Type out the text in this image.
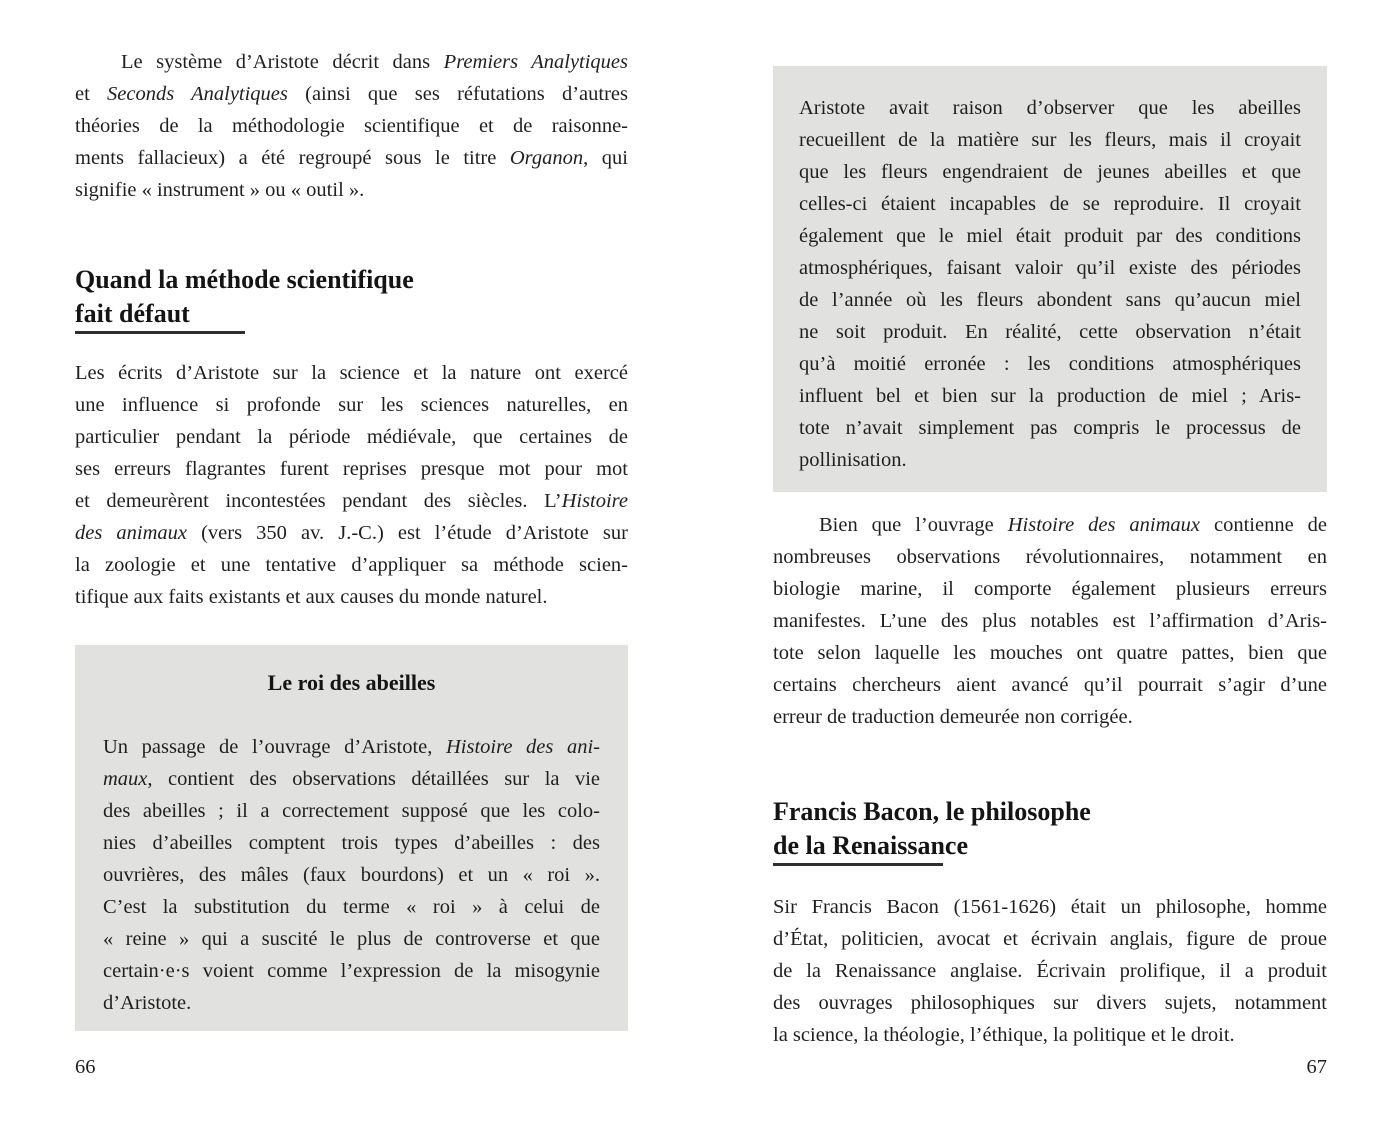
Le système d’Aristote décrit dans Premiers Analytiques
et Seconds Analytiques (ainsi que ses réfutations d’autres
théories de la méthodologie scientifique et de raisonne-
ments fallacieux) a été regroupé sous le titre Organon, qui
signifie « instrument » ou « outil ».
Quand la méthode scientifique
fait défaut
Les écrits d’Aristote sur la science et la nature ont exercé
une influence si profonde sur les sciences naturelles, en
particulier pendant la période médiévale, que certaines de
ses erreurs flagrantes furent reprises presque mot pour mot
et demeurèrent incontestées pendant des siècles. L’Histoire
des animaux (vers 350 av. J.-C.) est l’étude d’Aristote sur
la zoologie et une tentative d’appliquer sa méthode scien-
tifique aux faits existants et aux causes du monde naturel.
Le roi des abeilles
Un passage de l’ouvrage d’Aristote, Histoire des ani-
maux, contient des observations détaillées sur la vie
des abeilles ; il a correctement supposé que les colo-
nies d’abeilles comptent trois types d’abeilles : des
ouvrières, des mâles (faux bourdons) et un « roi ».
C’est la substitution du terme « roi » à celui de
« reine » qui a suscité le plus de controverse et que
certain·e·s voient comme l’expression de la misogynie
d’Aristote.
66
Aristote avait raison d’observer que les abeilles
recueillent de la matière sur les fleurs, mais il croyait
que les fleurs engendraient de jeunes abeilles et que
celles-ci étaient incapables de se reproduire. Il croyait
également que le miel était produit par des conditions
atmosphériques, faisant valoir qu’il existe des périodes
de l’année où les fleurs abondent sans qu’aucun miel
ne soit produit. En réalité, cette observation n’était
qu’à moitié erronée : les conditions atmosphériques
influent bel et bien sur la production de miel ; Aris-
tote n’avait simplement pas compris le processus de
pollinisation.
Bien que l’ouvrage Histoire des animaux contienne de
nombreuses observations révolutionnaires, notamment en
biologie marine, il comporte également plusieurs erreurs
manifestes. L’une des plus notables est l’affirmation d’Aris-
tote selon laquelle les mouches ont quatre pattes, bien que
certains chercheurs aient avancé qu’il pourrait s’agir d’une
erreur de traduction demeurée non corrigée.
Francis Bacon, le philosophe
de la Renaissance
Sir Francis Bacon (1561-1626) était un philosophe, homme
d’État, politicien, avocat et écrivain anglais, figure de proue
de la Renaissance anglaise. Écrivain prolifique, il a produit
des ouvrages philosophiques sur divers sujets, notamment
la science, la théologie, l’éthique, la politique et le droit.
67
